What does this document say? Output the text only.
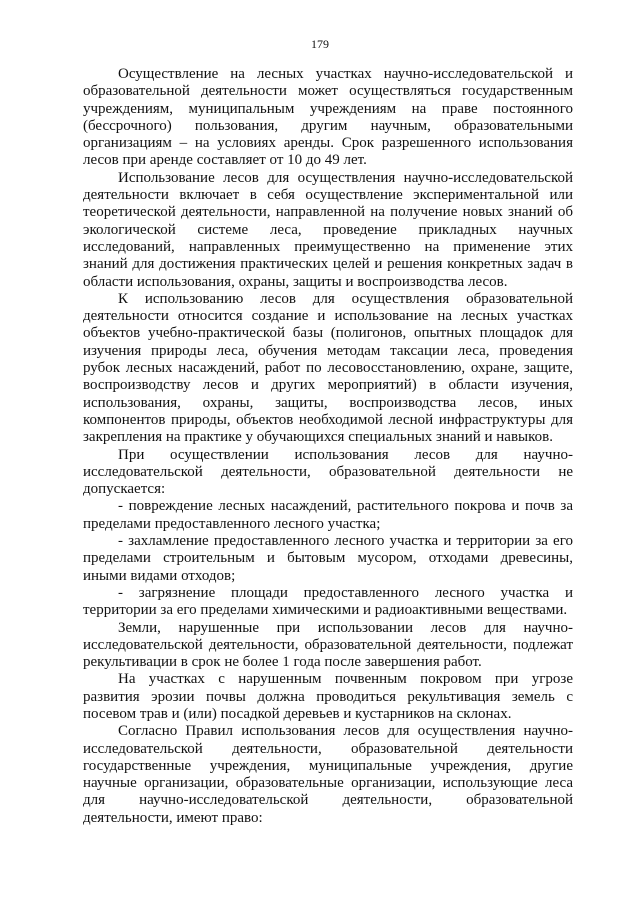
179
Осуществление на лесных участках научно-исследовательской и
образовательной деятельности может осуществляться государственным
учреждениям, муниципальным учреждениям на праве постоянного
(бессрочного) пользования, другим научным, образовательными
организациям – на условиях аренды. Срок разрешенного использования
лесов при аренде составляет от 10 до 49 лет.
Использование лесов для осуществления научно-исследовательской
деятельности включает в себя осуществление экспериментальной или
теоретической деятельности, направленной на получение новых знаний об
экологической системе леса, проведение прикладных научных
исследований, направленных преимущественно на применение этих
знаний для достижения практических целей и решения конкретных задач в
области использования, охраны, защиты и воспроизводства лесов.
К использованию лесов для осуществления образовательной
деятельности относится создание и использование на лесных участках
объектов учебно-практической базы (полигонов, опытных площадок для
изучения природы леса, обучения методам таксации леса, проведения
рубок лесных насаждений, работ по лесовосстановлению, охране, защите,
воспроизводству лесов и других мероприятий) в области изучения,
использования, охраны, защиты, воспроизводства лесов, иных
компонентов природы, объектов необходимой лесной инфраструктуры для
закрепления на практике у обучающихся специальных знаний и навыков.
При осуществлении использования лесов для научно-
исследовательской деятельности, образовательной деятельности не
допускается:
- повреждение лесных насаждений, растительного покрова и почв за
пределами предоставленного лесного участка;
- захламление предоставленного лесного участка и территории за его
пределами строительным и бытовым мусором, отходами древесины,
иными видами отходов;
- загрязнение площади предоставленного лесного участка и
территории за его пределами химическими и радиоактивными веществами.
Земли, нарушенные при использовании лесов для научно-
исследовательской деятельности, образовательной деятельности, подлежат
рекультивации в срок не более 1 года после завершения работ.
На участках с нарушенным почвенным покровом при угрозе
развития эрозии почвы должна проводиться рекультивация земель с
посевом трав и (или) посадкой деревьев и кустарников на склонах.
Согласно Правил использования лесов для осуществления научно-
исследовательской деятельности, образовательной деятельности
государственные учреждения, муниципальные учреждения, другие
научные организации, образовательные организации, использующие леса
для научно-исследовательской деятельности, образовательной
деятельности, имеют право:
